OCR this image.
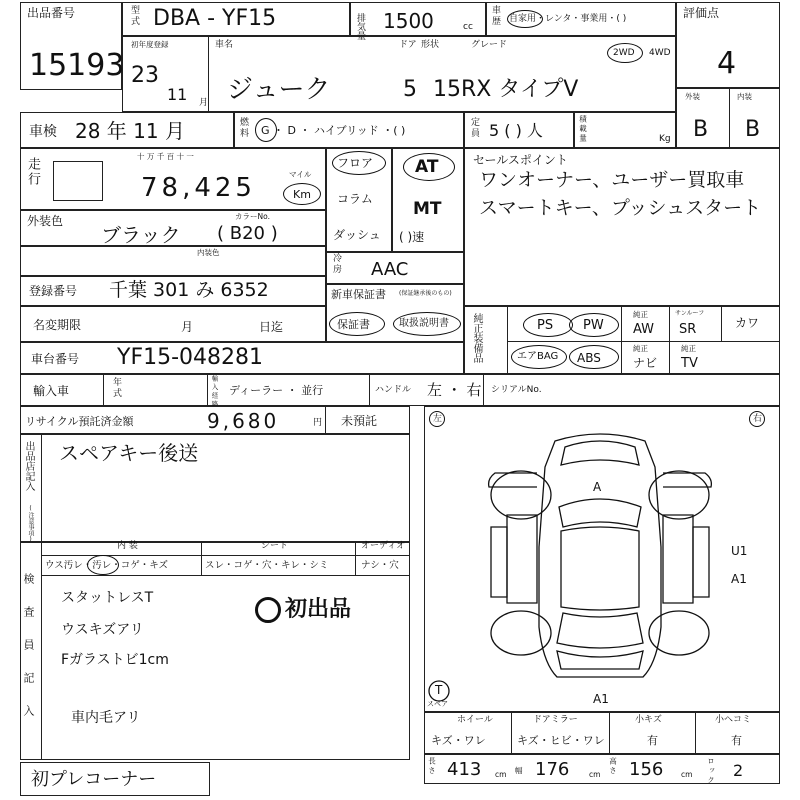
出品番号
15193
型式 DBA - YF15	排気量 1500	cc 車歴 自家用・レンタ・事業用・( )	評価点
4
初年度登録
23
11 月
車名
ジューク
ドア
5
形状	グレード
15RX タイプV
2WD 4WD
外装	内装
B B
車検 28 年 11 月	燃料 G ・ D ・ ハイブリッド ・( )	定員 5 ( ) 人	積載量	Kg
走行
十 万 千 百 十 一
マイル
78,425	Km
フロア
コラム
ダッシュ
AT
MT
( )速
セールスポイント
ワンオーナー、ユーザー買取車
スマートキー、プッシュスタート
外装色
ブラック
カラーNo.
( B20 )
内装色
冷房 AAC
登録番号 千葉 301 み 6352	新車保証書 (保証継承後のもの)
保証書	取扱説明書
名変期限	月	日迄	純正装備品	PS PW
純正
AW
サンルーフ
SR	カワ
エアBAG ABS
純正
ナビ
純正
TV
車台番号 YF15-048281
輸入車	年式	輸入経路 ディーラー ・ 並行	ハンドル 左 ・ 右 シリアルNo.
リサイクル預託済金額	9,680	円 未預託
出品店記入
(注意事項)
スペアキー後送
検査員記入
内 装	シート	オーディオ
ウス汚レ・汚レ・コゲ・キズ	スレ・コゲ・穴・キレ・シミ	ナシ・穴
スタットレスT
ウスキズアリ
Fガラストビ1cm
車内毛アリ
初出品
左	右
A
U1
A1
A1
T
スペア
ホイール
キズ・ワレ
ドアミラー
キズ・ヒビ・ワレ
小キズ
有
小ヘコミ
有
長さ 413 cm 幅 176	cm 高さ 156 cm ロック 2
初プレコーナー
